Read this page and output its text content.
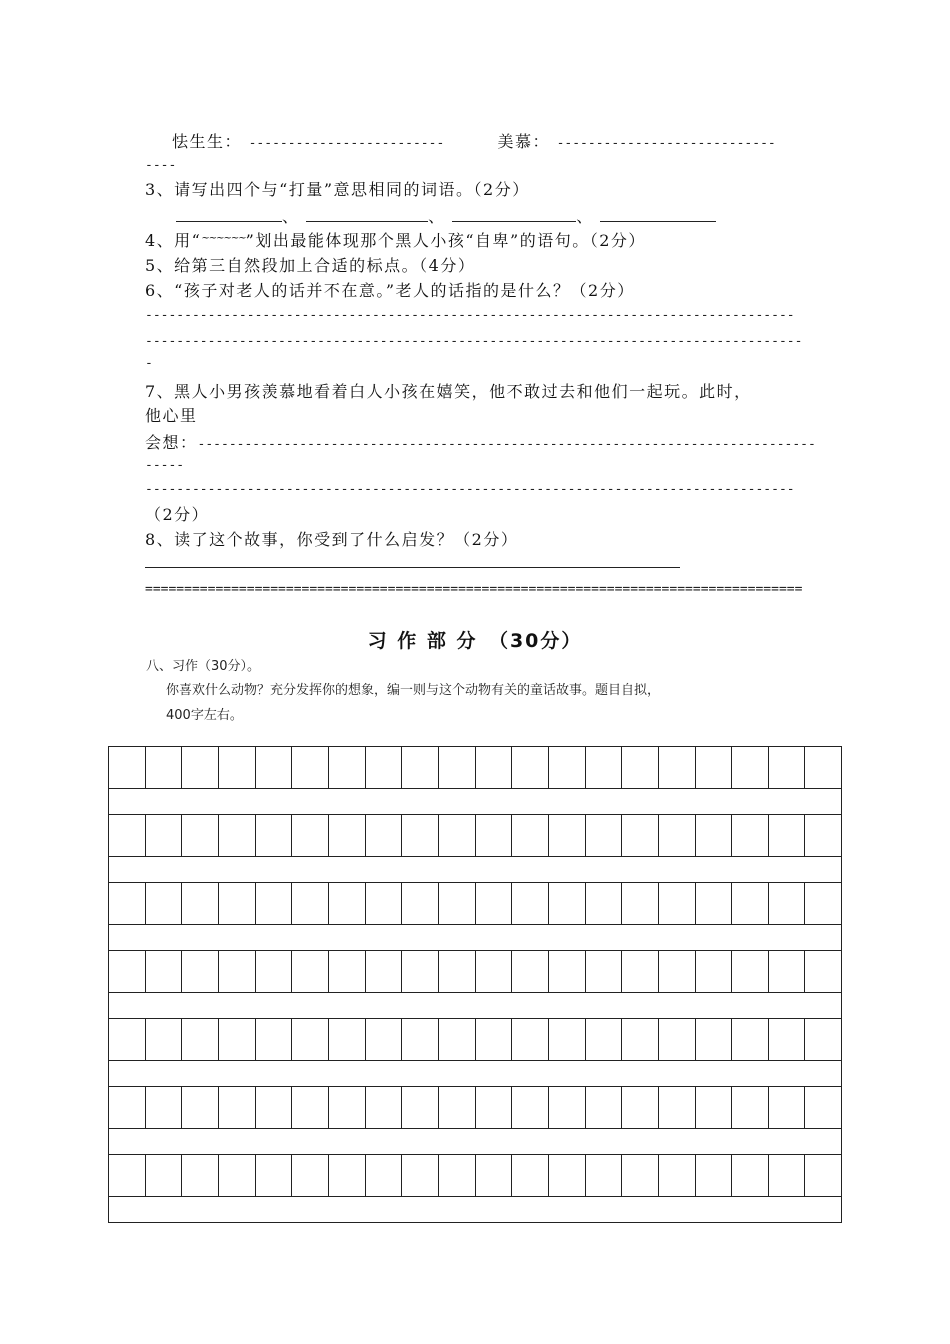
怯生生： -------------------------	美慕： ----------------------------
----
3、请写出四个与“打量”意思相同的词语。（2分）
、	、	、
4、用“~~~~~~”划出最能体现那个黑人小孩“自卑”的语句。（2分）
5、给第三自然段加上合适的标点。（4分）
6、“孩子对老人的话并不在意。”老人的话指的是什么？（2分）
-----------------------------------------------------------------------------------
------------------------------------------------------------------------------------
-
7、黑人小男孩羡慕地看着白人小孩在嬉笑，他不敢过去和他们一起玩。此时，
他心里
会想：-------------------------------------------------------------------------------
-----
-----------------------------------------------------------------------------------
（2分）
8、读了这个故事，你受到了什么启发？（2分）
====================================================================================
习 作 部 分　（30分）
八、习作（30分）。
你喜欢什么动物？充分发挥你的想象，编一则与这个动物有关的童话故事。题目自拟，
400字左右。
